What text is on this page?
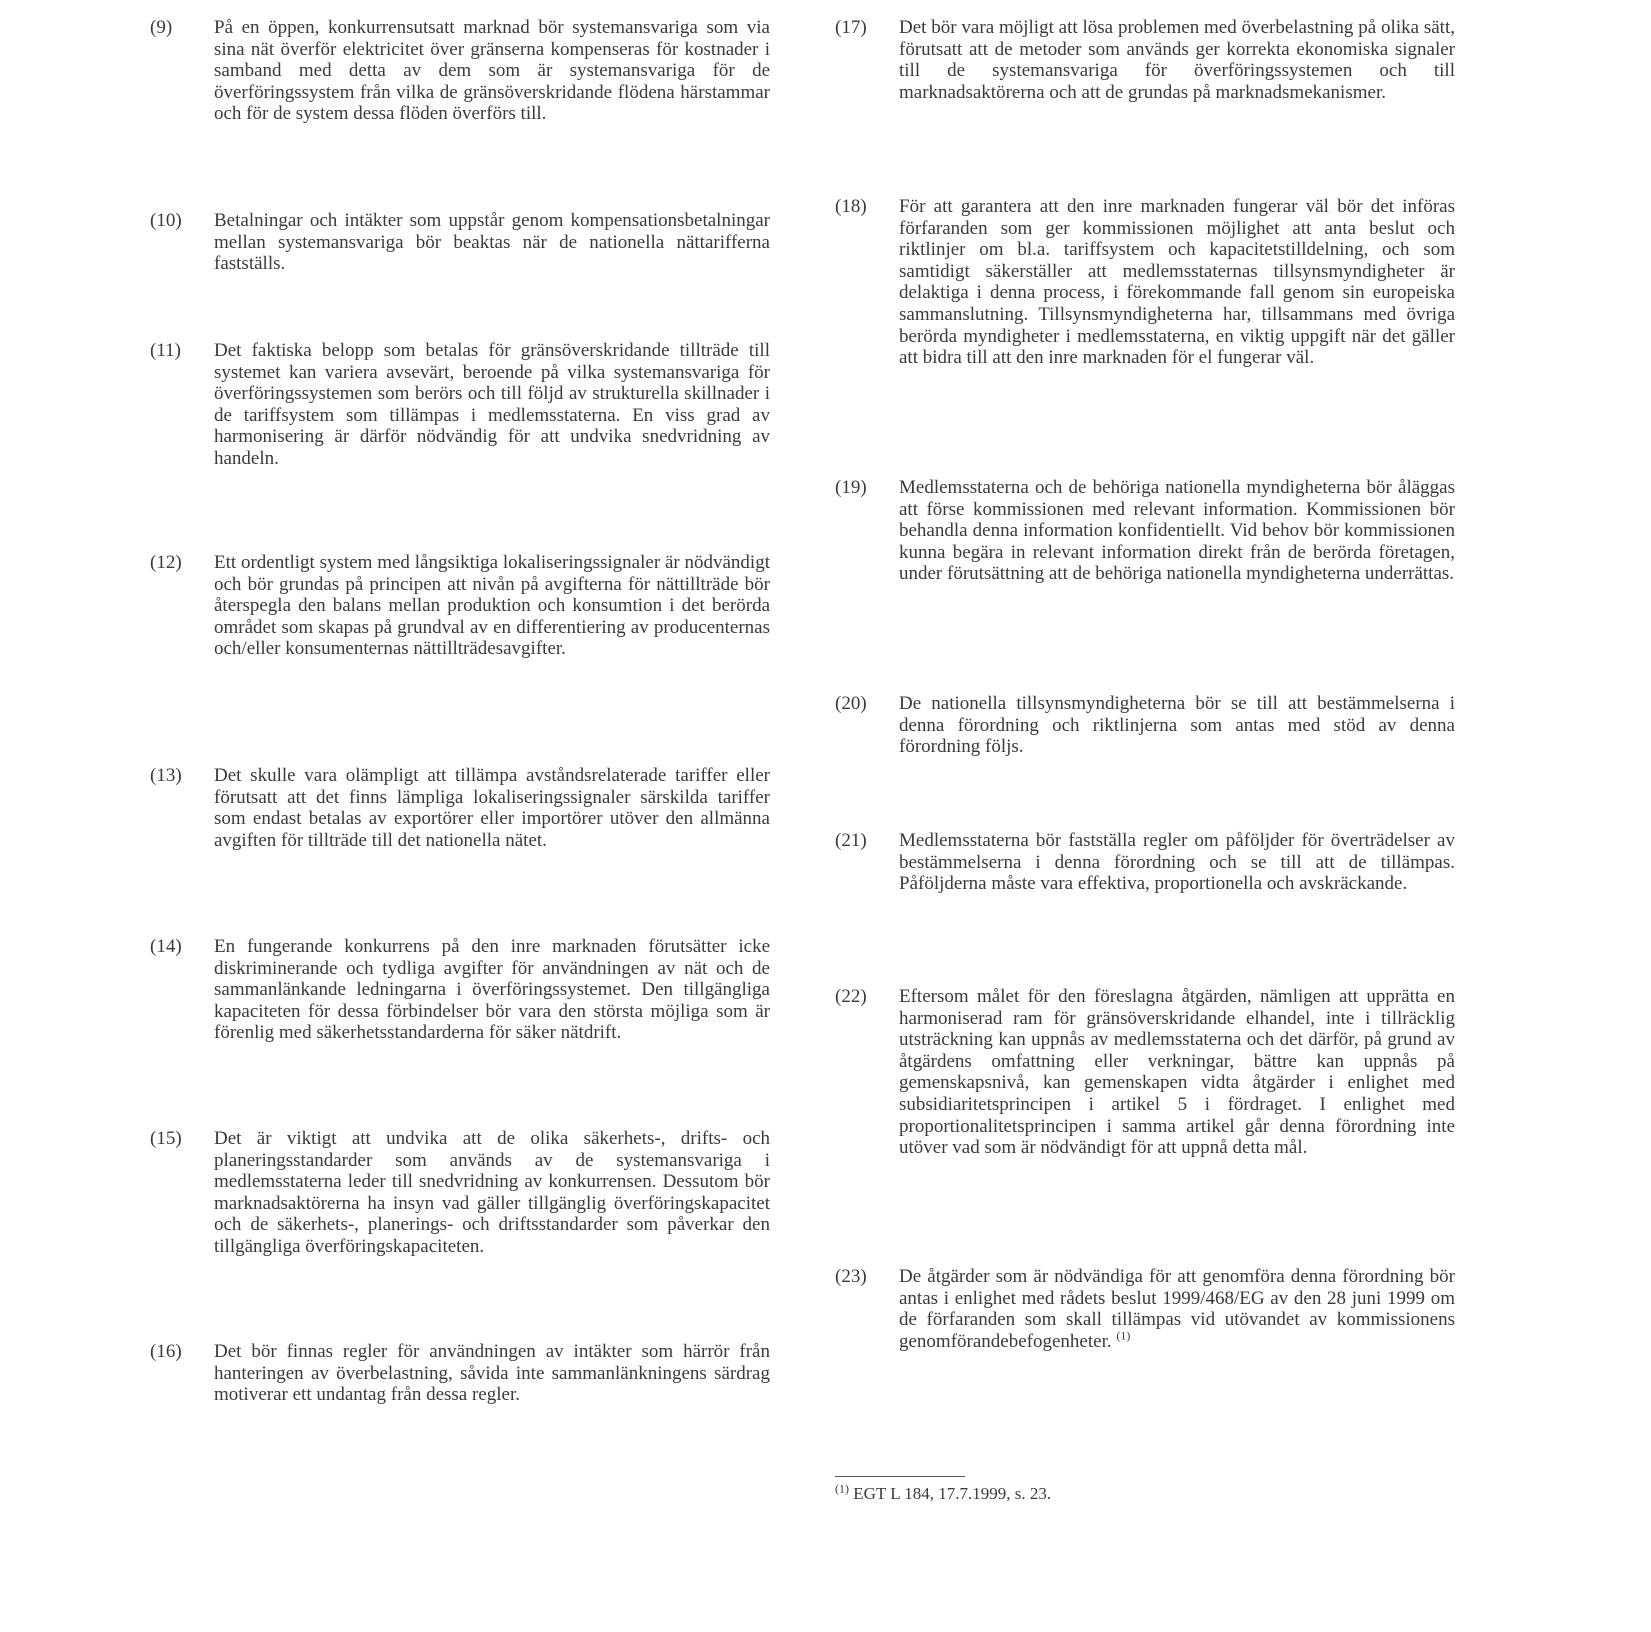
(9)	På en öppen, konkurrensutsatt marknad bör systemansvariga som via sina nät överför elektricitet över gränserna kompenseras för kostnader i samband med detta av dem som är systemansvariga för de överföringssystem från vilka de gränsöverskridande flödena härstammar och för de system dessa flöden överförs till.
(10)	Betalningar och intäkter som uppstår genom kompensationsbetalningar mellan systemansvariga bör beaktas när de nationella nättarifferna fastställs.
(11)	Det faktiska belopp som betalas för gränsöverskridande tillträde till systemet kan variera avsevärt, beroende på vilka systemansvariga för överföringssystemen som berörs och till följd av strukturella skillnader i de tariffsystem som tillämpas i medlemsstaterna. En viss grad av harmonisering är därför nödvändig för att undvika snedvridning av handeln.
(12)	Ett ordentligt system med långsiktiga lokaliseringssignaler är nödvändigt och bör grundas på principen att nivån på avgifterna för nättillträde bör återspegla den balans mellan produktion och konsumtion i det berörda området som skapas på grundval av en differentiering av producenternas och/eller konsumenternas nättillträdesavgifter.
(13)	Det skulle vara olämpligt att tillämpa avståndsrelaterade tariffer eller förutsatt att det finns lämpliga lokaliseringssignaler särskilda tariffer som endast betalas av exportörer eller importörer utöver den allmänna avgiften för tillträde till det nationella nätet.
(14)	En fungerande konkurrens på den inre marknaden förutsätter icke diskriminerande och tydliga avgifter för användningen av nät och de sammanlänkande ledningarna i överföringssystemet. Den tillgängliga kapaciteten för dessa förbindelser bör vara den största möjliga som är förenlig med säkerhetsstandarderna för säker nätdrift.
(15)	Det är viktigt att undvika att de olika säkerhets-, drifts- och planeringsstandarder som används av de systemansvariga i medlemsstaterna leder till snedvridning av konkurrensen. Dessutom bör marknadsaktörerna ha insyn vad gäller tillgänglig överföringskapacitet och de säkerhets-, planerings- och driftsstandarder som påverkar den tillgängliga överföringskapaciteten.
(16)	Det bör finnas regler för användningen av intäkter som härrör från hanteringen av överbelastning, såvida inte sammanlänkningens särdrag motiverar ett undantag från dessa regler.
(17)	Det bör vara möjligt att lösa problemen med överbelastning på olika sätt, förutsatt att de metoder som används ger korrekta ekonomiska signaler till de systemansvariga för överföringssystemen och till marknadsaktörerna och att de grundas på marknadsmekanismer.
(18)	För att garantera att den inre marknaden fungerar väl bör det införas förfaranden som ger kommissionen möjlighet att anta beslut och riktlinjer om bl.a. tariffsystem och kapacitetstilldelning, och som samtidigt säkerställer att medlemsstaternas tillsynsmyndigheter är delaktiga i denna process, i förekommande fall genom sin europeiska sammanslutning. Tillsynsmyndigheterna har, tillsammans med övriga berörda myndigheter i medlemsstaterna, en viktig uppgift när det gäller att bidra till att den inre marknaden för el fungerar väl.
(19)	Medlemsstaterna och de behöriga nationella myndigheterna bör åläggas att förse kommissionen med relevant information. Kommissionen bör behandla denna information konfidentiellt. Vid behov bör kommissionen kunna begära in relevant information direkt från de berörda företagen, under förutsättning att de behöriga nationella myndigheterna underrättas.
(20)	De nationella tillsynsmyndigheterna bör se till att bestämmelserna i denna förordning och riktlinjerna som antas med stöd av denna förordning följs.
(21)	Medlemsstaterna bör fastställa regler om påföljder för överträdelser av bestämmelserna i denna förordning och se till att de tillämpas. Påföljderna måste vara effektiva, proportionella och avskräckande.
(22)	Eftersom målet för den föreslagna åtgärden, nämligen att upprätta en harmoniserad ram för gränsöverskridande elhandel, inte i tillräcklig utsträckning kan uppnås av medlemsstaterna och det därför, på grund av åtgärdens omfattning eller verkningar, bättre kan uppnås på gemenskapsnivå, kan gemenskapen vidta åtgärder i enlighet med subsidiaritetsprincipen i artikel 5 i fördraget. I enlighet med proportionalitetsprincipen i samma artikel går denna förordning inte utöver vad som är nödvändigt för att uppnå detta mål.
(23)	De åtgärder som är nödvändiga för att genomföra denna förordning bör antas i enlighet med rådets beslut 1999/468/EG av den 28 juni 1999 om de förfaranden som skall tillämpas vid utövandet av kommissionens genomförandebefogenheter. $^{(1)}$
$^{(1)}$ EGT L 184, 17.7.1999, s. 23.
